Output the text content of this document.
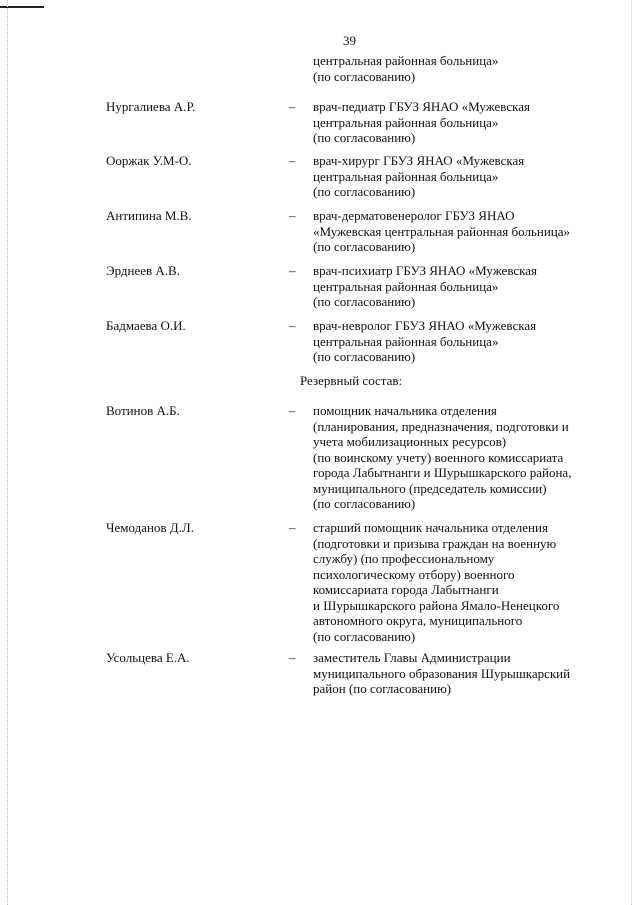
39
центральная районная больница»
(по согласованию)
Нургалиева А.Р.	– врач-педиатр ГБУЗ ЯНАО «Мужевская
центральная районная больница»
(по согласованию)
Ооржак У.М-О.	– врач-хирург ГБУЗ ЯНАО «Мужевская
центральная районная больница»
(по согласованию)
Антипина М.В.	– врач-дерматовенеролог ГБУЗ ЯНАО
«Мужевская центральная районная больница»
(по согласованию)
Эрднеев А.В.	– врач-психиатр ГБУЗ ЯНАО «Мужевская
центральная районная больница»
(по согласованию)
Бадмаева О.И.	– врач-невролог ГБУЗ ЯНАО «Мужевская
центральная районная больница»
(по согласованию)
Резервный состав:
Вотинов А.Б.	– помощник начальника отделения
(планирования, предназначения, подготовки и
учета мобилизационных ресурсов)
(по воинскому учету) военного комиссариата
города Лабытнанги и Шурышкарского района,
муниципального (председатель комиссии)
(по согласованию)
Чемоданов Д.Л.	– старший помощник начальника отделения
(подготовки и призыва граждан на военную
службу) (по профессиональному
психологическому отбору) военного
комиссариата города Лабытнанги
и Шурышкарского района Ямало-Ненецкого
автономного округа, муниципального
(по согласованию)
Усольцева Е.А.	– заместитель Главы Администрации
муниципального образования Шурышкарский
район (по согласованию)
